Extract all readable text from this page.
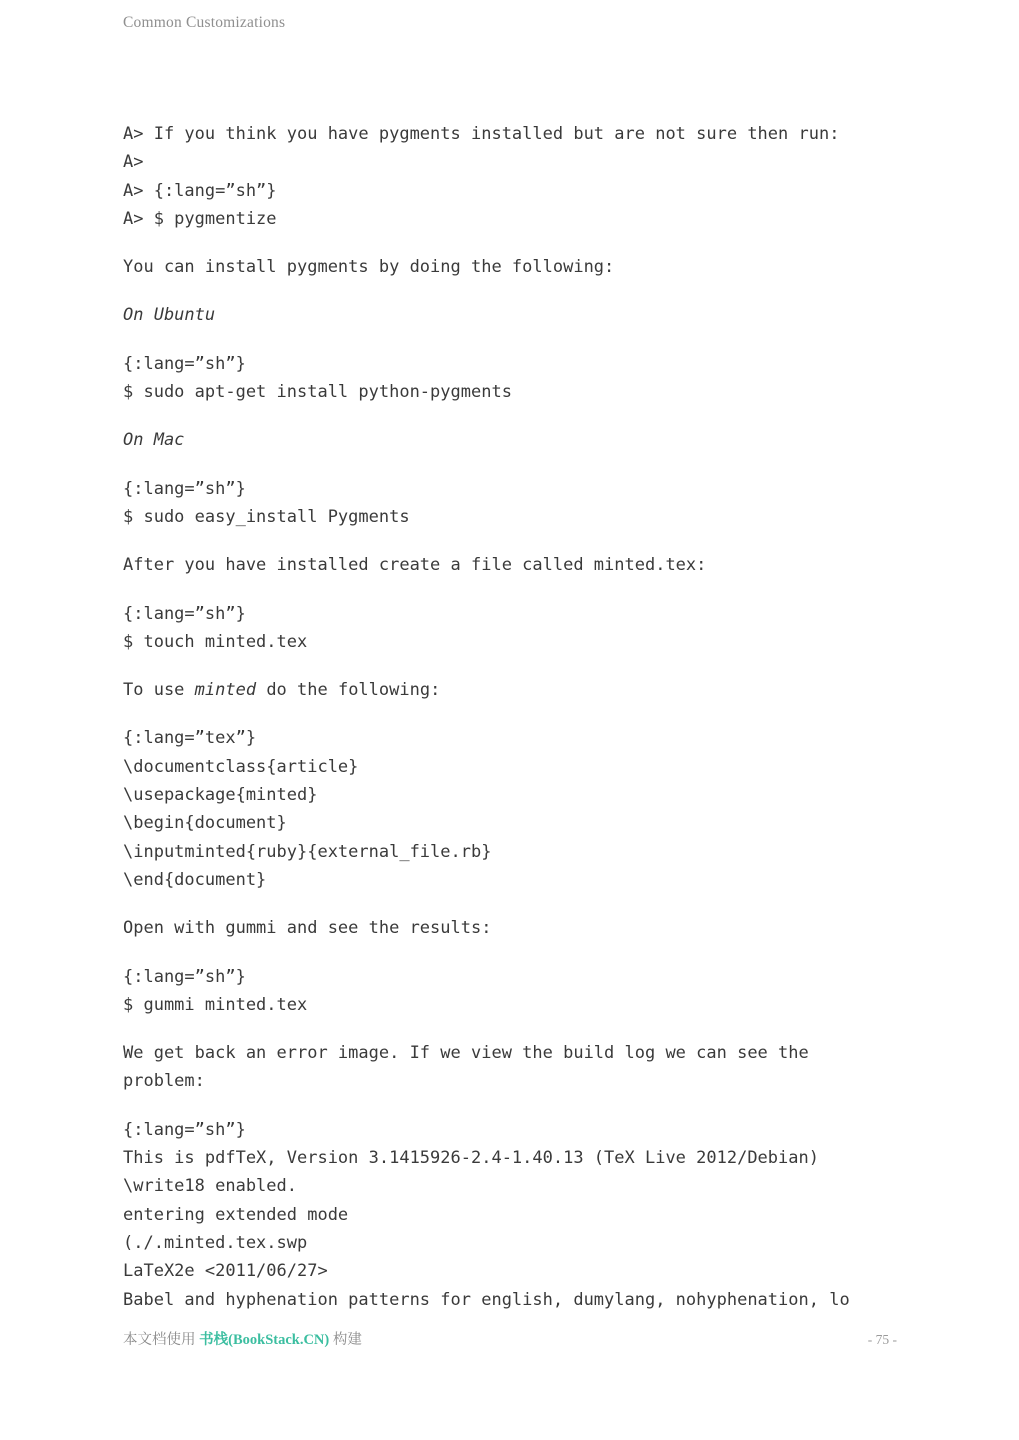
Common Customizations
A> If you think you have pygments installed but are not sure then run:
A>
A> {:lang=”sh”}
A> $ pygmentize
You can install pygments by doing the following:
On Ubuntu
{:lang=”sh”}
$ sudo apt-get install python-pygments
On Mac
{:lang=”sh”}
$ sudo easy_install Pygments
After you have installed create a file called minted.tex:
{:lang=”sh”}
$ touch minted.tex
To use minted do the following:
{:lang=”tex”}
\documentclass{article}
\usepackage{minted}
\begin{document}
\inputminted{ruby}{external_file.rb}
\end{document}
Open with gummi and see the results:
{:lang=”sh”}
$ gummi minted.tex
We get back an error image. If we view the build log we can see the
problem:
{:lang=”sh”}
This is pdfTeX, Version 3.1415926-2.4-1.40.13 (TeX Live 2012/Debian)
\write18 enabled.
entering extended mode
(./.minted.tex.swp
LaTeX2e <2011/06/27>
Babel and hyphenation patterns for english, dumylang, nohyphenation, lo
本文档使用 书栈(BookStack.CN) 构建	- 75 -
